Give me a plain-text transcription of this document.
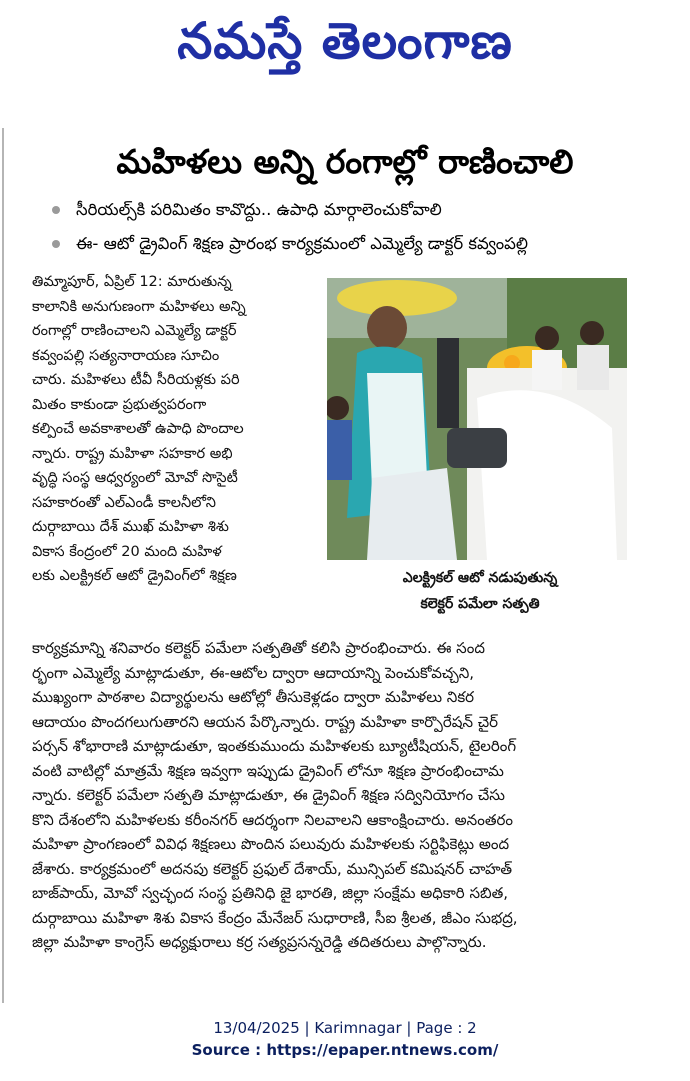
నమస్తే తెలంగాణ
మహిళలు అన్ని రంగాల్లో రాణించాలి
సీరియల్స్‌కి పరిమితం కావొద్దు.. ఉపాధి మార్గాలెంచుకోవాలి
ఈ- ఆటో డ్రైవింగ్ శిక్షణ ప్రారంభ కార్యక్రమంలో ఎమ్మెల్యే డాక్టర్ కవ్వంపల్లి
తిమ్మాపూర్, ఏప్రిల్ 12: మారుతున్న
కాలానికి అనుగుణంగా మహిళలు అన్ని
రంగాల్లో రాణించాలని ఎమ్మెల్యే డాక్టర్
కవ్వంపల్లి సత్యనారాయణ సూచిం
చారు. మహిళలు టీవీ సీరియళ్లకు పరి
మితం కాకుండా ప్రభుత్వపరంగా
కల్పించే అవకాశాలతో ఉపాధి పొందాల
న్నారు. రాష్ట్ర మహిళా సహకార అభి
వృద్ధి సంస్థ ఆధ్వర్యంలో మోవో సొసైటీ
సహకారంతో ఎల్ఎండీ కాలనీలోని
దుర్గాబాయి దేశ్ ముఖ్ మహిళా శిశు
వికాస కేంద్రంలో 20 మంది మహిళ
లకు ఎలక్ట్రికల్ ఆటో డ్రైవింగ్‌లో శిక్షణ	ఎలక్ట్రికల్ ఆటో నడుపుతున్న
కలెక్టర్ పమేలా సత్పతి
కార్యక్రమాన్ని శనివారం కలెక్టర్ పమేలా సత్పతితో కలిసి ప్రారంభించారు. ఈ సంద
ర్భంగా ఎమ్మెల్యే మాట్లాడుతూ, ఈ-ఆటోల ద్వారా ఆదాయాన్ని పెంచుకోవచ్చని,
ముఖ్యంగా పాఠశాల విద్యార్థులను ఆటోల్లో తీసుకెళ్లడం ద్వారా మహిళలు నికర
ఆదాయం పొందగలుగుతారని ఆయన పేర్కొన్నారు. రాష్ట్ర మహిళా కార్పొరేషన్ చైర్
పర్సన్ శోభారాణి మాట్లాడుతూ, ఇంతకుముందు మహిళలకు బ్యూటీషియన్, టైలరింగ్
వంటి వాటిల్లో మాత్రమే శిక్షణ ఇవ్వగా ఇప్పుడు డ్రైవింగ్ లోనూ శిక్షణ ప్రారంభించామ
న్నారు. కలెక్టర్ పమేలా సత్పతి మాట్లాడుతూ, ఈ డ్రైవింగ్ శిక్షణ సద్వినియోగం చేసు
కొని దేశంలోని మహిళలకు కరీంనగర్ ఆదర్శంగా నిలవాలని ఆకాంక్షించారు. అనంతరం
మహిళా ప్రాంగణంలో వివిధ శిక్షణలు పొందిన పలువురు మహిళలకు సర్టిఫికెట్లు అంద
జేశారు. కార్యక్రమంలో అదనపు కలెక్టర్ ప్రఫుల్ దేశాయ్, మున్సిపల్ కమిషనర్ చాహత్
బాజ్‌పాయ్, మోవో స్వచ్ఛంద సంస్థ ప్రతినిధి జై భారతి, జిల్లా సంక్షేమ అధికారి సబిత,
దుర్గాబాయి మహిళా శిశు వికాస కేంద్రం మేనేజర్ సుధారాణి, సీఐ శ్రీలత, జీఎం సుభద్ర,
జిల్లా మహిళా కాంగ్రెస్ అధ్యక్షురాలు కర్ర సత్యప్రసన్నరెడ్డి తదితరులు పాల్గొన్నారు.
13/04/2025 | Karimnagar | Page : 2
Source : https://epaper.ntnews.com/
